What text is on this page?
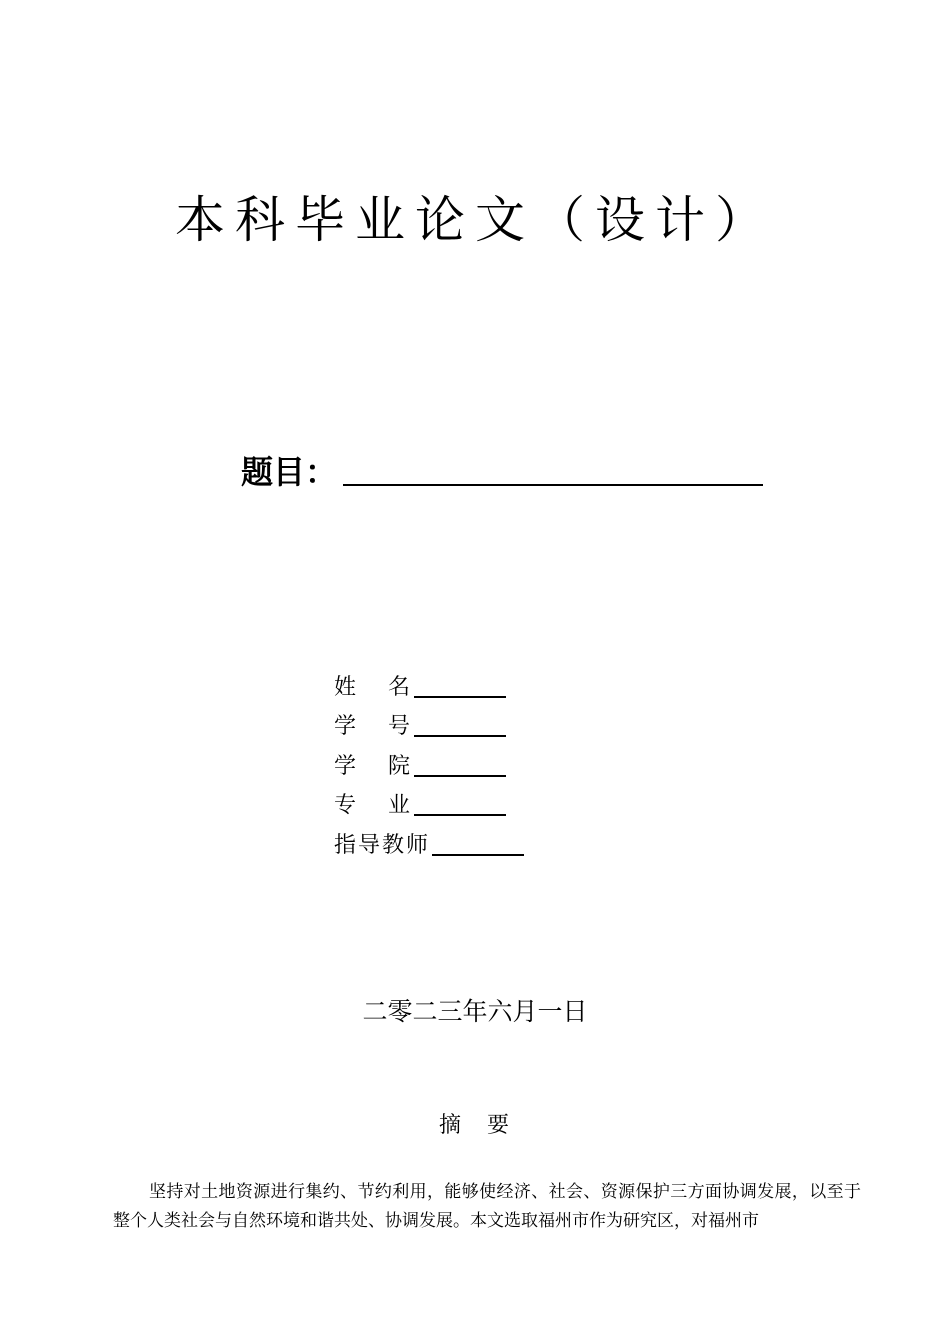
本科毕业论文（设计）
题目：
姓 名
学 号
学 院
专 业
指导教师
二零二三年六月一日
摘　要

坚持对土地资源进行集约、节约利用，能够使经济、社会、资源保护三方面协调发展，以至于整个人类社会与自然环境和谐共处、协调发展。本文选取福州市作为研究区，对福州市
